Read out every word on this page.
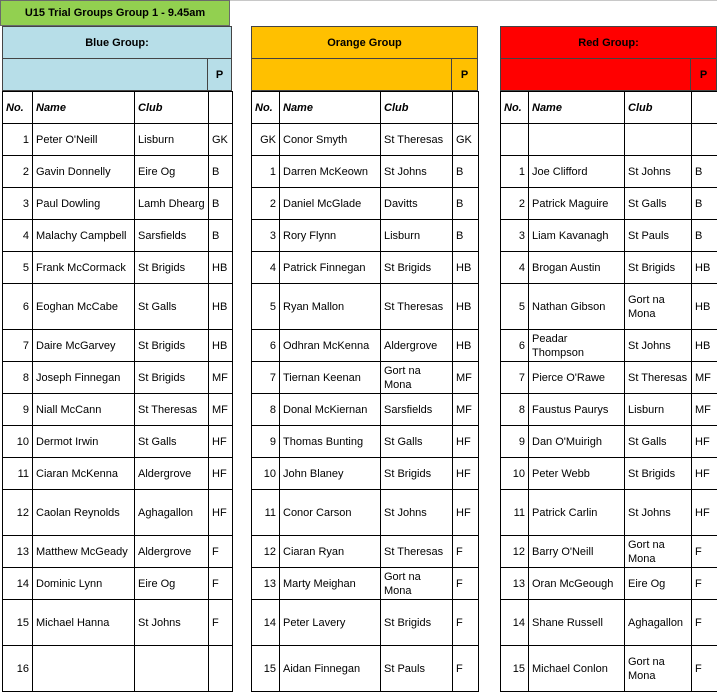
U15 Trial Groups Group 1 - 9.45am
Blue Group:
P
No.	Name	Club	
1	Peter O'Neill	Lisburn	GK
2	Gavin Donnelly	Eire Og	B
3	Paul Dowling	Lamh Dhearg	B
4	Malachy Campbell	Sarsfields	B
5	Frank McCormack	St Brigids	HB
6	Eoghan McCabe	St Galls	HB
7	Daire McGarvey	St Brigids	HB
8	Joseph Finnegan	St Brigids	MF
9	Niall McCann	St Theresas	MF
10	Dermot Irwin	St Galls	HF
11	Ciaran McKenna	Aldergrove	HF
12	Caolan Reynolds	Aghagallon	HF
13	Matthew McGeady	Aldergrove	F
14	Dominic Lynn	Eire Og	F
15	Michael Hanna	St Johns	F
16			
Orange Group
P
No.	Name	Club	
GK	Conor Smyth	St Theresas	GK
1	Darren McKeown	St Johns	B
2	Daniel McGlade	Davitts	B
3	Rory Flynn	Lisburn	B
4	Patrick Finnegan	St Brigids	HB
5	Ryan Mallon	St Theresas	HB
6	Odhran McKenna	Aldergrove	HB
7	Tiernan Keenan	Gort na Mona	MF
8	Donal McKiernan	Sarsfields	MF
9	Thomas Bunting	St Galls	HF
10	John Blaney	St Brigids	HF
11	Conor Carson	St Johns	HF
12	Ciaran Ryan	St Theresas	F
13	Marty Meighan	Gort na Mona	F
14	Peter Lavery	St Brigids	F
15	Aidan Finnegan	St Pauls	F
Red Group:
P
No.	Name	Club	

1	Joe Clifford	St Johns	B
2	Patrick Maguire	St Galls	B
3	Liam Kavanagh	St Pauls	B
4	Brogan Austin	St Brigids	HB
5	Nathan Gibson	Gort na Mona	HB
6	Peadar Thompson	St Johns	HB
7	Pierce O'Rawe	St Theresas	MF
8	Faustus Paurys	Lisburn	MF
9	Dan O'Muirigh	St Galls	HF
10	Peter Webb	St Brigids	HF
11	Patrick Carlin	St Johns	HF
12	Barry O'Neill	Gort na Mona	F
13	Oran McGeough	Eire Og	F
14	Shane Russell	Aghagallon	F
15	Michael Conlon	Gort na Mona	F
